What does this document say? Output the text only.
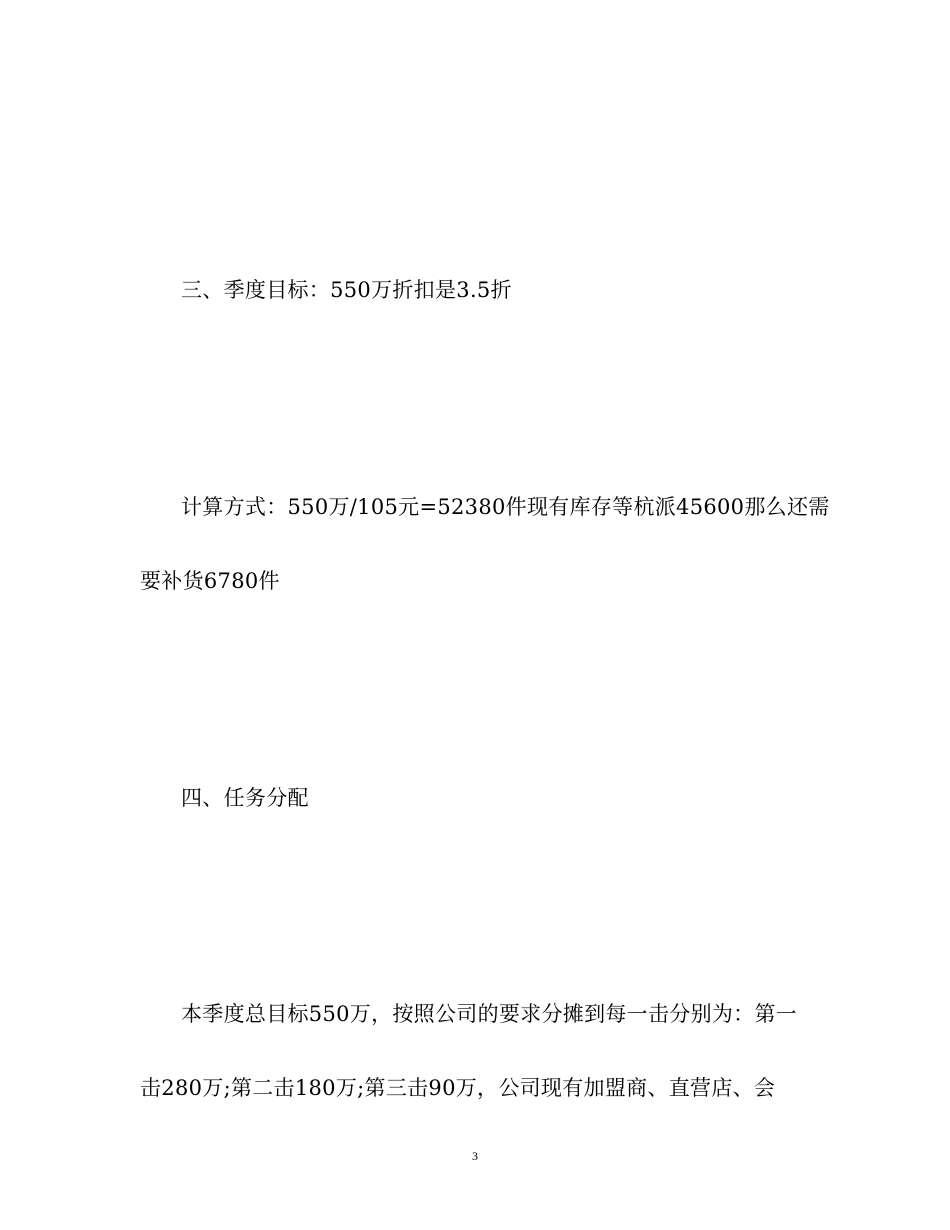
三、季度目标：550万折扣是3.5折
计算方式：550万/105元=52380件现有库存等杭派45600那么还需
要补货6780件
四、任务分配
本季度总目标550万，按照公司的要求分摊到每一击分别为：第一
击280万;第二击180万;第三击90万，公司现有加盟商、直营店、会
3
